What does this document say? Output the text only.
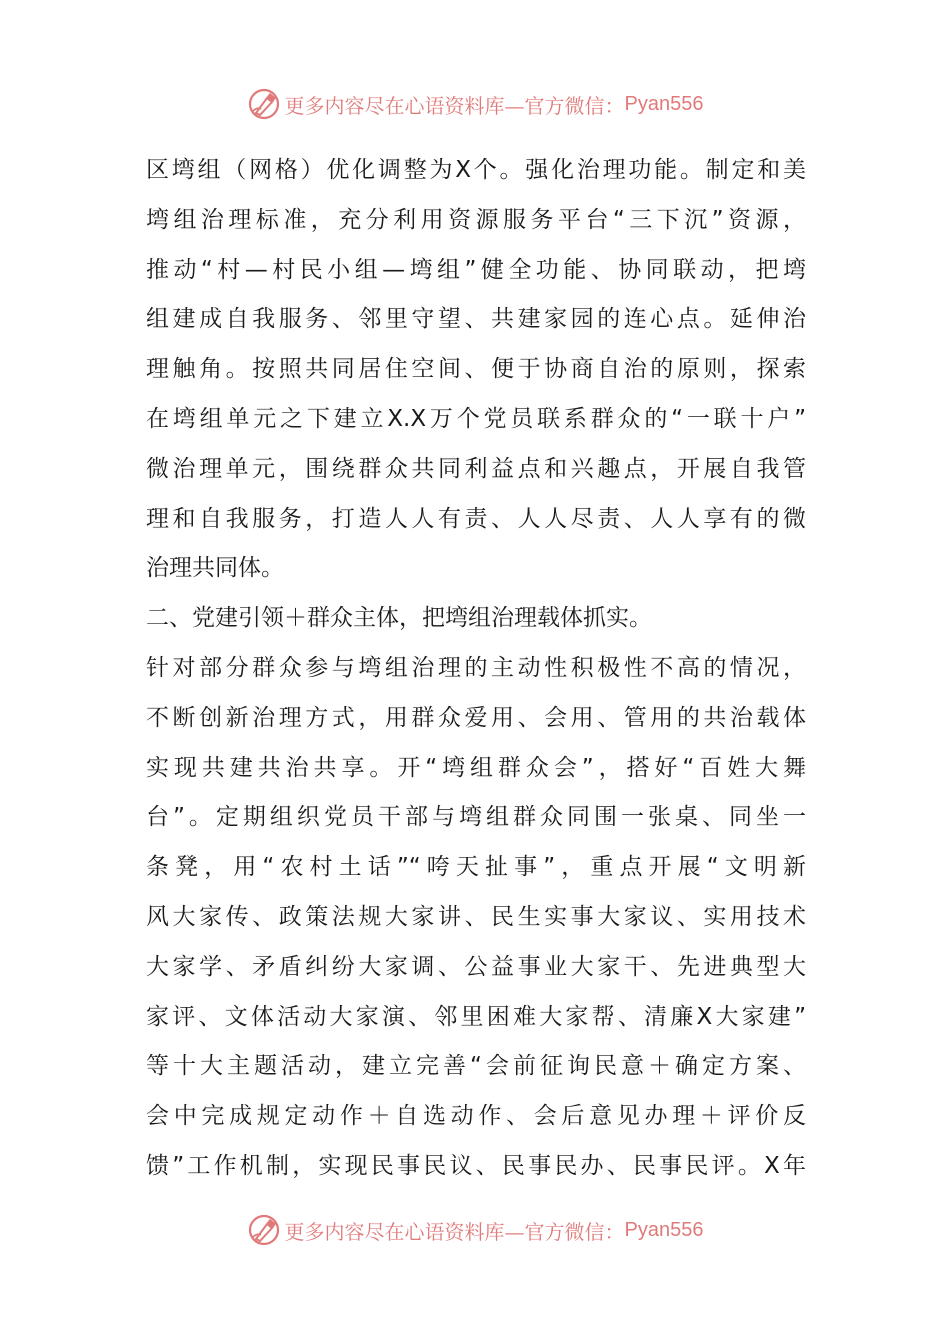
更多内容尽在心语资料库—官方微信： Pyan556
区塆组（网格）优化调整为X个。强化治理功能。制定和美
塆组治理标准，充分利用资源服务平台“三下沉”资源，
推动“村—村民小组—塆组”健全功能、协同联动，把塆
组建成自我服务、邻里守望、共建家园的连心点。延伸治
理触角。按照共同居住空间、便于协商自治的原则，探索
在塆组单元之下建立X.X万个党员联系群众的“一联十户”
微治理单元，围绕群众共同利益点和兴趣点，开展自我管
理和自我服务，打造人人有责、人人尽责、人人享有的微
治理共同体。
二、党建引领＋群众主体，把塆组治理载体抓实。
针对部分群众参与塆组治理的主动性积极性不高的情况，
不断创新治理方式，用群众爱用、会用、管用的共治载体
实现共建共治共享。开“塆组群众会”，搭好“百姓大舞
台”。定期组织党员干部与塆组群众同围一张桌、同坐一
条凳，用“农村土话”“咵天扯事”，重点开展“文明新
风大家传、政策法规大家讲、民生实事大家议、实用技术
大家学、矛盾纠纷大家调、公益事业大家干、先进典型大
家评、文体活动大家演、邻里困难大家帮、清廉X大家建”
等十大主题活动，建立完善“会前征询民意＋确定方案、
会中完成规定动作＋自选动作、会后意见办理＋评价反
馈”工作机制，实现民事民议、民事民办、民事民评。X年
更多内容尽在心语资料库—官方微信： Pyan556
